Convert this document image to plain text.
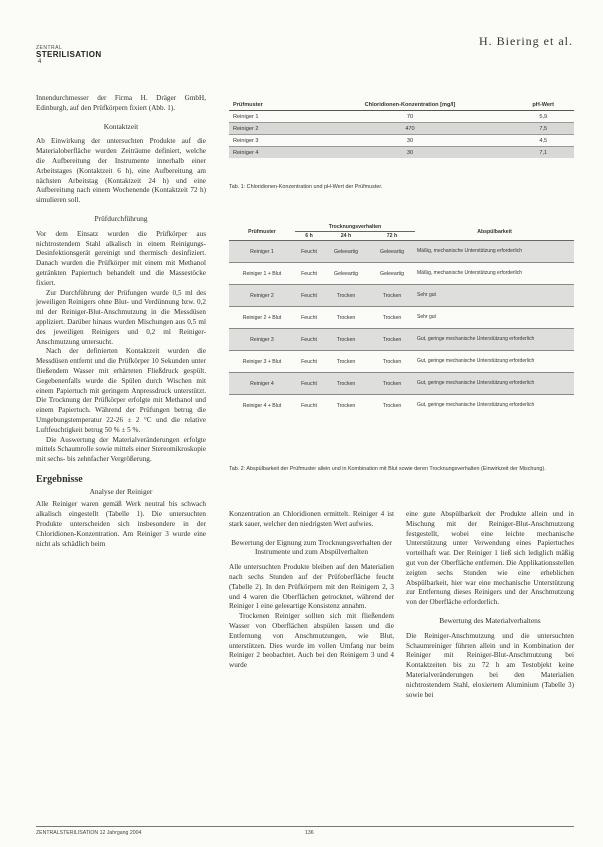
ZENTRAL
STERILISATION
4
H. Biering et al.

Innendurchmesser der Firma H. Dräger GmbH, Edinburgh, auf den Prüfkörpern fixiert (Abb. 1).

Kontaktzeit

Ab Einwirkung der untersuchten Produkte auf die Materialoberfläche wurden Zeiträume definiert, welche die Aufbereitung der Instrumente innerhalb einer Arbeitstages (Kontaktzeit 6 h), eine Aufbereitung am nächsten Arbeitstag (Kontaktzeit 24 h) und eine Aufbereitung nach einem Wochenende (Kontaktzeit 72 h) simulieren soll.

Prüfdurchführung

Vor dem Einsatz wurden die Prüfkörper aus nichtrostendem Stahl alkalisch in einem Reinigungs-Desinfektionsgerät gereinigt und thermisch desinfiziert. Danach wurden die Prüfkörper mit einem mit Methanol getränkten Papiertuch behandelt und die Massestöcke fixiert.

Zur Durchführung der Prüfungen wurde 0,5 ml des jeweiligen Reinigers ohne Blut- und Verdünnung bzw. 0,2 ml der Reiniger-Blut-Anschmutzung in die Messdüsen appliziert. Darüber hinaus wurden Mischungen aus 0,5 ml des jeweiligen Reinigers und 0,2 ml Reiniger-Anschmutzung untersucht.

Nach der definierten Kontaktzeit wurden die Messdüsen entfernt und die Prüfkörper 10 Sekunden unter fließendem Wasser mit erhärteten Fließdruck gespült. Gegebenenfalls wurde die Spülen durch Wischen mit einem Papiertuch mit geringem Anpressdruck unterstützt. Die Trocknung der Prüfkörper erfolgte mit Methanol und einem Papiertuch. Während der Prüfungen betrug die Umgebungstemperatur 22-26 ± 2 °C und die relative Luftfeuchtigkeit betrug 50 % ± 5 %.

Die Auswertung der Materialveränderungen erfolgte mittels Schaumrolle sowie mittels einer Stereomikroskopie mit sechs- bis zehnfacher Vergrößerung.

Ergebnisse
Analyse der Reiniger

Alle Reiniger waren gemäß Werk neutral bis schwach alkalisch eingestellt (Tabelle 1). Die untersuchten Produkte unterscheiden sich insbesondere in der Chloridionen-Konzentration. Am Reiniger 3 wurde eine nicht als schädlich beim

Prüfmuster	Chloridionen-Konzentration [mg/l]	pH-Wert
Reiniger 1	70	5,9
Reiniger 2	470	7,5
Reiniger 3	30	4,5
Reiniger 4	30	7,1
Tab. 1: Chloridionen-Konzentration und pH-Wert der Prüfmuster.
Prüfmuster	Trocknungsverhalten			Abspülbarkeit
	6 h	24 h	72 h	
Reiniger 1	Feucht	Geleeartig	Geleeartig	Mäßig, mechanische Unterstützung erforderlich
Reiniger 1 + Blut	Feucht	Geleeartig	Geleeartig	Mäßig, mechanische Unterstützung erforderlich
Reiniger 2	Feucht	Trocken	Trocken	Sehr gut
Reiniger 2 + Blut	Feucht	Trocken	Trocken	Sehr gut
Reiniger 3	Feucht	Trocken	Trocken	Gut, geringe mechanische Unterstützung erforderlich
Reiniger 3 + Blut	Feucht	Trocken	Trocken	Gut, geringe mechanische Unterstützung erforderlich
Reiniger 4	Feucht	Trocken	Trocken	Gut, geringe mechanische Unterstützung erforderlich
Reiniger 4 + Blut	Feucht	Trocken	Trocken	Gut, geringe mechanische Unterstützung erforderlich
Tab. 2: Abspülbarkeit der Prüfmuster allein und in Kombination mit Blut sowie deren Trocknungsverhalten (Einwirkzeit der Mischung).

Konzentration an Chloridionen ermittelt. Reiniger 4 ist stark sauer, welcher den niedrigsten Wert aufwies.

Bewertung der Eignung zum Trocknungsverhalten der Instrumente und zum Abspülverhalten

Alle untersuchten Produkte bleiben auf den Materialien nach sechs Stunden auf der Prüfoberfläche feucht (Tabelle 2). In den Prüfkörpern mit den Reinigern 2, 3 und 4 waren die Oberflächen getrocknet, während der Reiniger 1 eine geleeartige Konsistenz annahm.

Trockenen Reiniger sollten sich mit fließendem Wasser von Oberflächen abspülen lassen und die Entfernung von Anschmutzungen, wie Blut, unterstützen. Dies wurde im vollen Umfang nur beim Reiniger 2 beobachtet. Auch bei den Reinigern 3 und 4 wurde

eine gute Abspülbarkeit der Produkte allein und in Mischung mit der Reiniger-Blut-Anschmutzung festgestellt, wobei eine leichte mechanische Unterstützung unter Verwendung eines Papiertuches vorteilhaft war. Der Reiniger 1 ließ sich lediglich mäßig gut von der Oberfläche entfernen. Die Applikationsstellen zeigten sechs Stunden wie eine erheblichen Abspülbarkeit, hier war eine mechanische Unterstützung zur Entfernung dieses Reinigers und der Anschmutzung von der Oberfläche erforderlich.

Bewertung des Materialverhaltens

Die Reiniger-Anschmutzung und die untersuchten Schaumreiniger führten allein und in Kombination der Reiniger mit Reiniger-Blut-Anschmutzung bei Kontaktzeiten bis zu 72 h am Testobjekt keine Materialveränderungen bei den Materialien nichtrostendem Stahl, eloxiertem Aluminium (Tabelle 3) sowie bei

ZENTRALSTERILISATION 12 Jahrgang 2004	136
